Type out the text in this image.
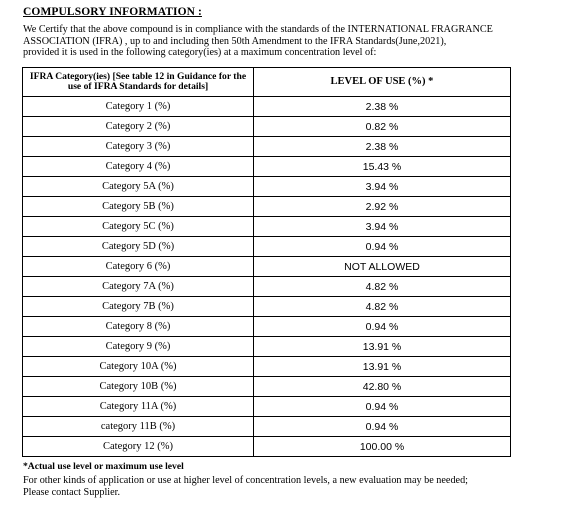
COMPULSORY INFORMATION :
We Certify that the above compound is in compliance with the standards of the INTERNATIONAL FRAGRANCE
ASSOCIATION (IFRA) , up to and including then 50th Amendment to the IFRA Standards(June,2021),
provided it is used in the following category(ies) at a maximum concentration level of:
IFRA Category(ies) [See table 12 in Guidance for the use of IFRA Standards for details]	LEVEL OF USE (%) *
Category 1 (%)	2.38 %
Category 2 (%)	0.82 %
Category 3 (%)	2.38 %
Category 4 (%)	15.43 %
Category 5A (%)	3.94 %
Category 5B (%)	2.92 %
Category 5C (%)	3.94 %
Category 5D (%)	0.94 %
Category 6 (%)	NOT ALLOWED
Category 7A (%)	4.82 %
Category 7B (%)	4.82 %
Category 8 (%)	0.94 %
Category 9 (%)	13.91 %
Category 10A (%)	13.91 %
Category 10B (%)	42.80 %
Category 11A (%)	0.94 %
category 11B (%)	0.94 %
Category 12 (%)	100.00 %
*Actual use level or maximum use level
For other kinds of application or use at higher level of concentration levels, a new evaluation may be needed;
Please contact Supplier.
